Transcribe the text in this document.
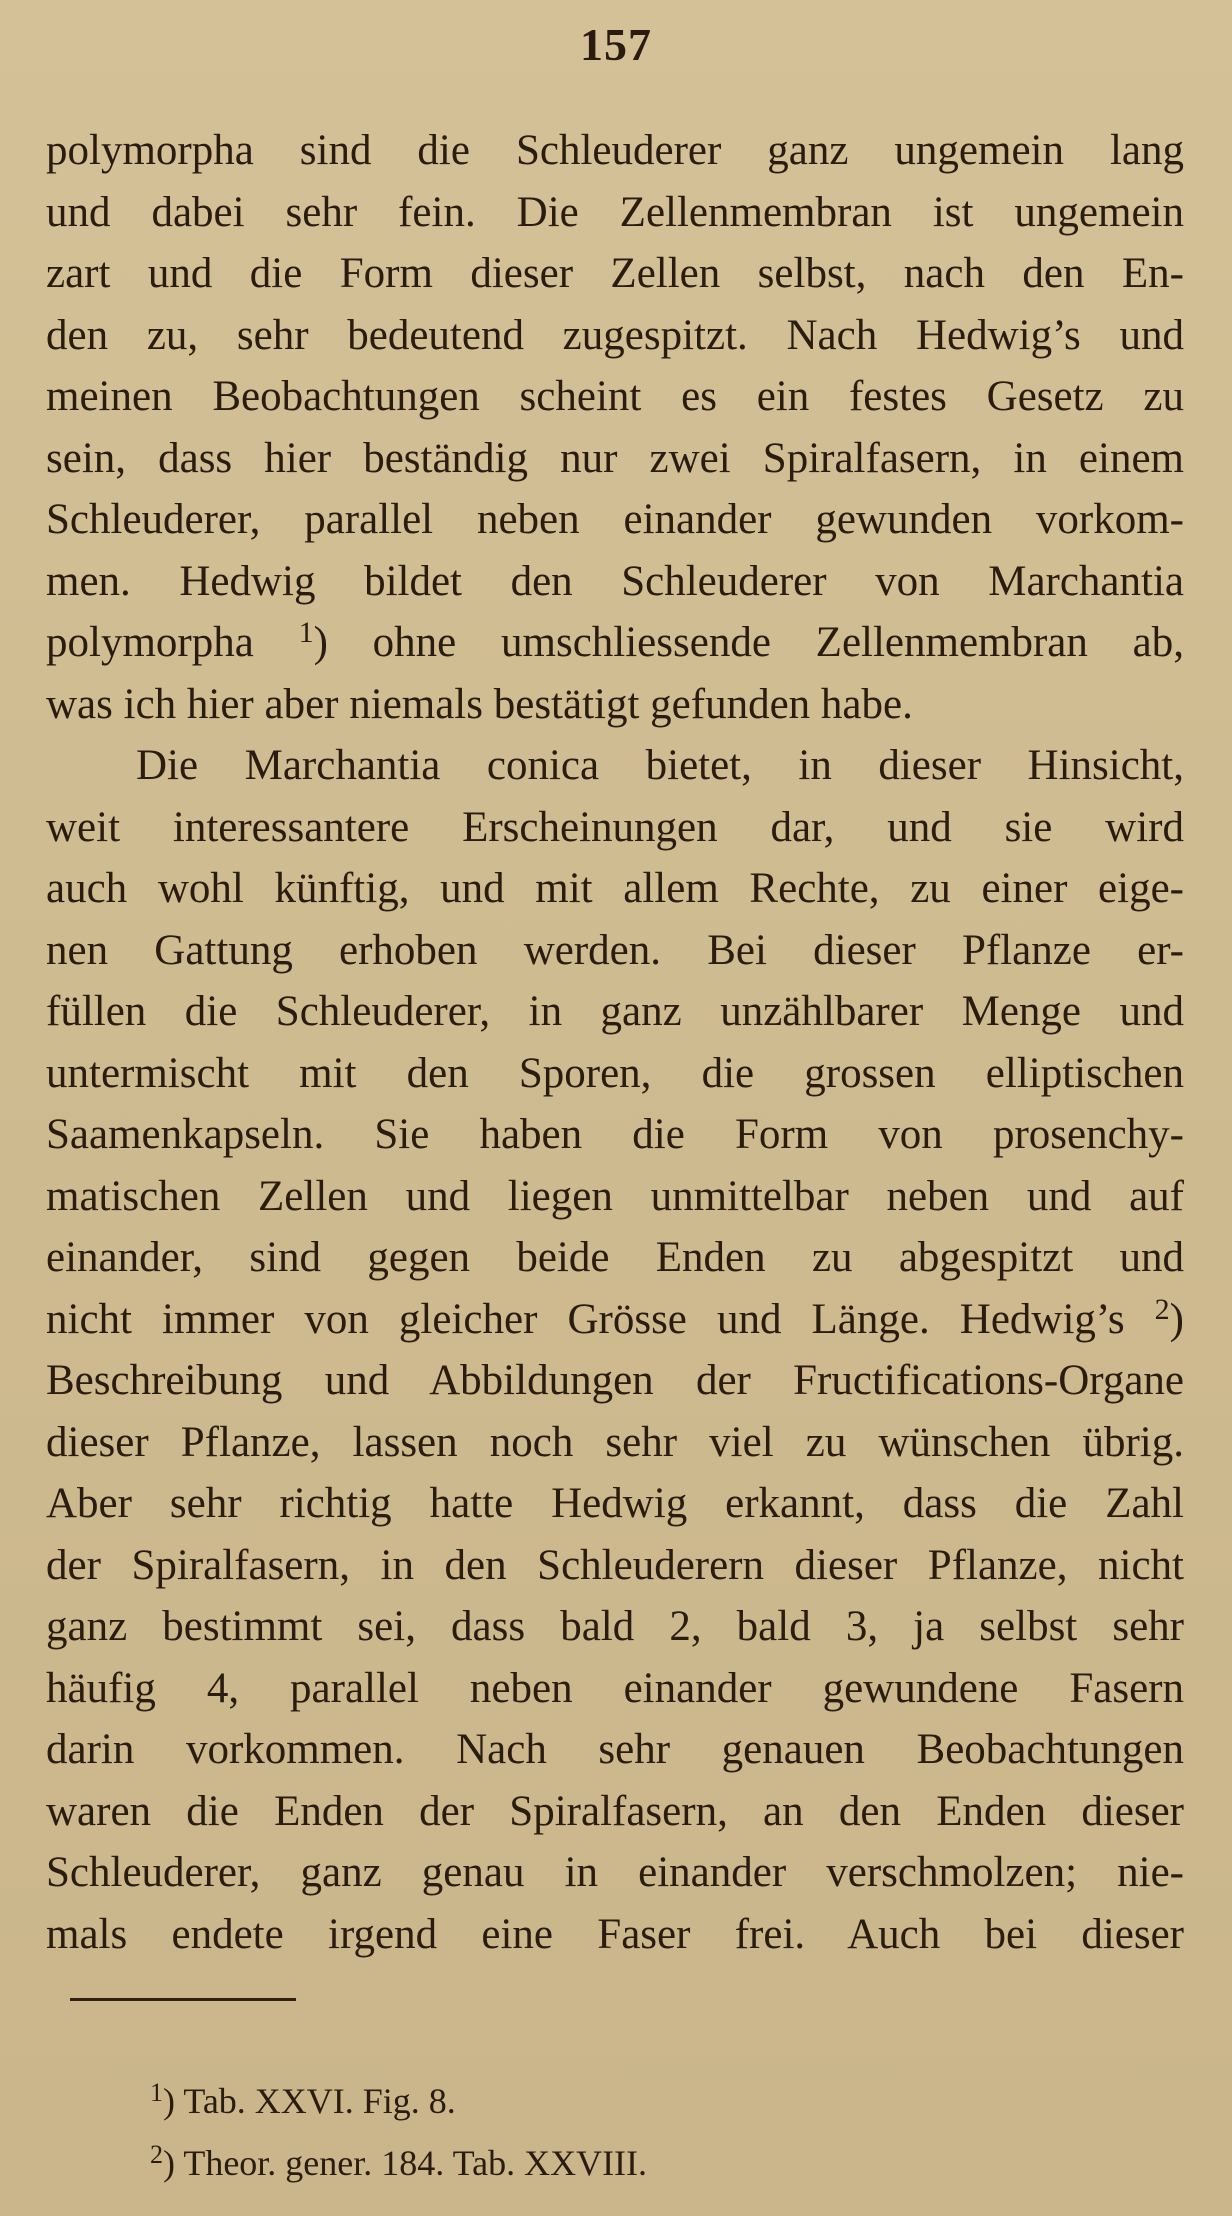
157
polymorpha sind die Schleuderer ganz ungemein lang
und dabei sehr fein. Die Zellenmembran ist ungemein
zart und die Form dieser Zellen selbst, nach den En-
den zu, sehr bedeutend zugespitzt. Nach Hedwig’s und
meinen Beobachtungen scheint es ein festes Gesetz zu
sein, dass hier beständig nur zwei Spiralfasern, in einem
Schleuderer, parallel neben einander gewunden vorkom-
men. Hedwig bildet den Schleuderer von Marchantia
polymorpha $^1$) ohne umschliessende Zellenmembran ab,
was ich hier aber niemals bestätigt gefunden habe.
Die Marchantia conica bietet, in dieser Hinsicht,
weit interessantere Erscheinungen dar, und sie wird
auch wohl künftig, und mit allem Rechte, zu einer eige-
nen Gattung erhoben werden. Bei dieser Pflanze er-
füllen die Schleuderer, in ganz unzählbarer Menge und
untermischt mit den Sporen, die grossen elliptischen
Saamenkapseln. Sie haben die Form von prosenchy-
matischen Zellen und liegen unmittelbar neben und auf
einander, sind gegen beide Enden zu abgespitzt und
nicht immer von gleicher Grösse und Länge. Hedwig’s $^2$)
Beschreibung und Abbildungen der Fructifications-Organe
dieser Pflanze, lassen noch sehr viel zu wünschen übrig.
Aber sehr richtig hatte Hedwig erkannt, dass die Zahl
der Spiralfasern, in den Schleuderern dieser Pflanze, nicht
ganz bestimmt sei, dass bald 2, bald 3, ja selbst sehr
häufig 4, parallel neben einander gewundene Fasern
darin vorkommen. Nach sehr genauen Beobachtungen
waren die Enden der Spiralfasern, an den Enden dieser
Schleuderer, ganz genau in einander verschmolzen; nie-
mals endete irgend eine Faser frei. Auch bei dieser
$^1$) Tab. XXVI. Fig. 8.
$^2$) Theor. gener. 184. Tab. XXVIII.
